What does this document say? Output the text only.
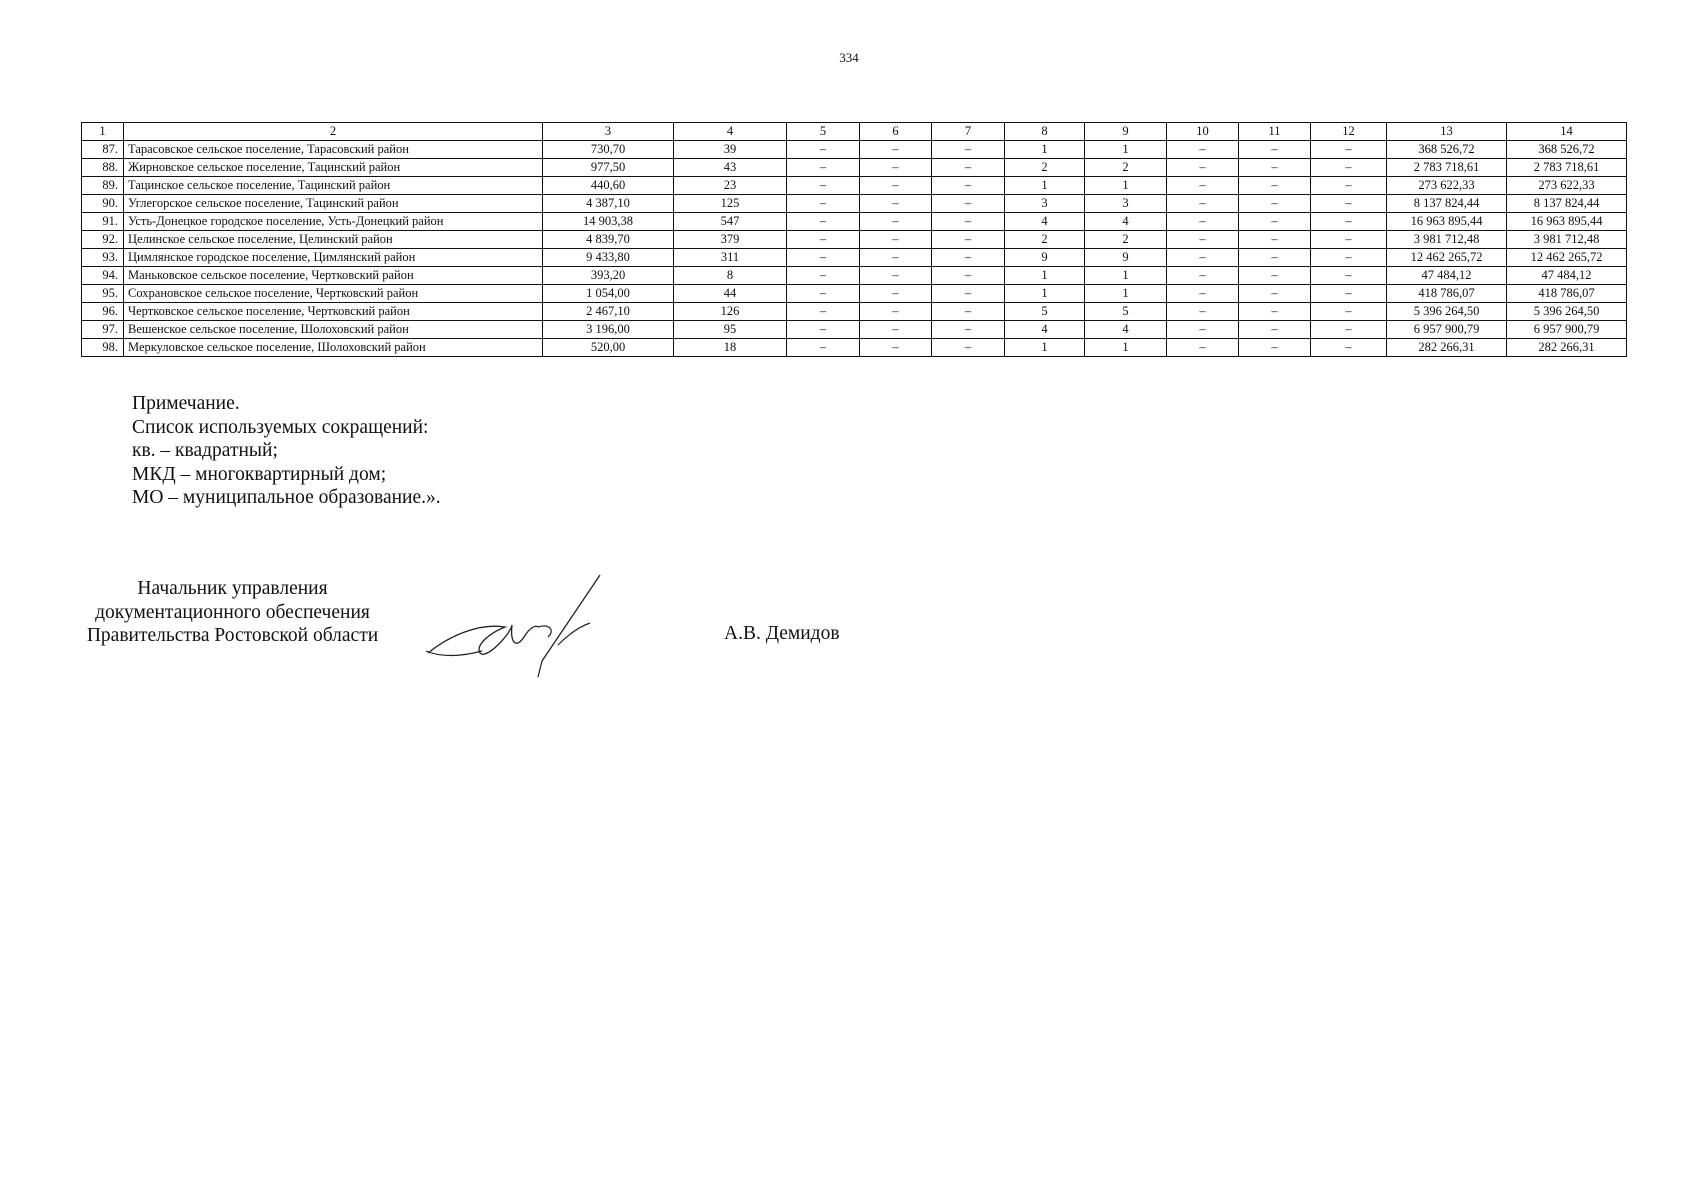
334
1	2	3	4	5	6	7	8	9	10	11	12	13	14
87.	Тарасовское сельское поселение, Тарасовский район	730,70	39	–	–	–	1	1	–	–	–	368 526,72	368 526,72
88.	Жирновское сельское поселение, Тацинский район	977,50	43	–	–	–	2	2	–	–	–	2 783 718,61	2 783 718,61
89.	Тацинское сельское поселение, Тацинский район	440,60	23	–	–	–	1	1	–	–	–	273 622,33	273 622,33
90.	Углегорское сельское поселение, Тацинский район	4 387,10	125	–	–	–	3	3	–	–	–	8 137 824,44	8 137 824,44
91.	Усть-Донецкое городское поселение, Усть-Донецкий район	14 903,38	547	–	–	–	4	4	–	–	–	16 963 895,44	16 963 895,44
92.	Целинское сельское поселение, Целинский район	4 839,70	379	–	–	–	2	2	–	–	–	3 981 712,48	3 981 712,48
93.	Цимлянское городское поселение, Цимлянский район	9 433,80	311	–	–	–	9	9	–	–	–	12 462 265,72	12 462 265,72
94.	Маньковское сельское поселение, Чертковский район	393,20	8	–	–	–	1	1	–	–	–	47 484,12	47 484,12
95.	Сохрановское сельское поселение, Чертковский район	1 054,00	44	–	–	–	1	1	–	–	–	418 786,07	418 786,07
96.	Чертковское сельское поселение, Чертковский район	2 467,10	126	–	–	–	5	5	–	–	–	5 396 264,50	5 396 264,50
97.	Вешенское сельское поселение, Шолоховский район	3 196,00	95	–	–	–	4	4	–	–	–	6 957 900,79	6 957 900,79
98.	Меркуловское сельское поселение, Шолоховский район	520,00	18	–	–	–	1	1	–	–	–	282 266,31	282 266,31
Примечание.
Список используемых сокращений:
кв. – квадратный;
МКД – многоквартирный дом;
МО – муниципальное образование.».
Начальник управления
документационного обеспечения
Правительства Ростовской области	А.В. Демидов
